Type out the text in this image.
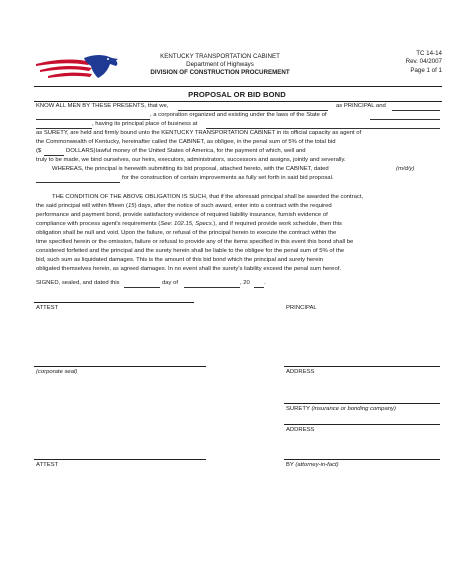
KENTUCKY TRANSPORTATION CABINET
Department of Highways
DIVISION OF CONSTRUCTION PROCUREMENT
TC 14-14
Rev. 04/2007
Page 1 of 1
PROPOSAL OR BID BOND
KNOW ALL MEN BY THESE PRESENTS, that we,	as PRINCIPAL and
, a corporation organized and existing under the laws of the State of
, having its principal place of business at
as SURETY, are held and firmly bound unto the KENTUCKY TRANSPORTATION CABINET in its official capacity as agent of
the Commonwealth of Kentucky, hereinafter called the CABINET, as obligee, in the penal sum of 5% of the total bid
($	DOLLARS) lawful money of the United States of America, for the payment of which, well and
truly to be made, we bind ourselves, our heirs, executors, administrators, successors and assigns, jointly and severally.
WHEREAS, the principal is herewith submitting its bid proposal, attached hereto, with the CABINET, dated	(m/d/y)
for the construction of certain improvements as fully set forth in said bid proposal.
THE CONDITION OF THE ABOVE OBLIGATION IS SUCH, that if the aforesaid principal shall be awarded the contract,
the said principal will within fifteen (15) days, after the notice of such award, enter into a contract with the required
performance and payment bond, provide satisfactory evidence of required liability insurance, furnish evidence of
compliance with process agent's requirements (See: 102.15, Specs.), and if required provide work schedule, then this
obligation shall be null and void. Upon the failure, or refusal of the principal herein to execute the contract within the
time specified herein or the omission, failure or refusal to provide any of the items specified in this event this bond shall be
considered forfeited and the principal and the surety herein shall be liable to the obligee for the penal sum of 5% of the
bid, such sum as liquidated damages. This is the amount of this bid bond which the principal and surety herein
obligated themselves herein, as agreed damages. In no event shall the surety's liability exceed the penal sum hereof.
SIGNED, sealed, and dated this	day of	, 20 .
ATTEST	PRINCIPAL
(corporate seal)	ADDRESS
SURETY (insurance or bonding company)
ADDRESS
ATTEST	BY (attorney-in-fact)
